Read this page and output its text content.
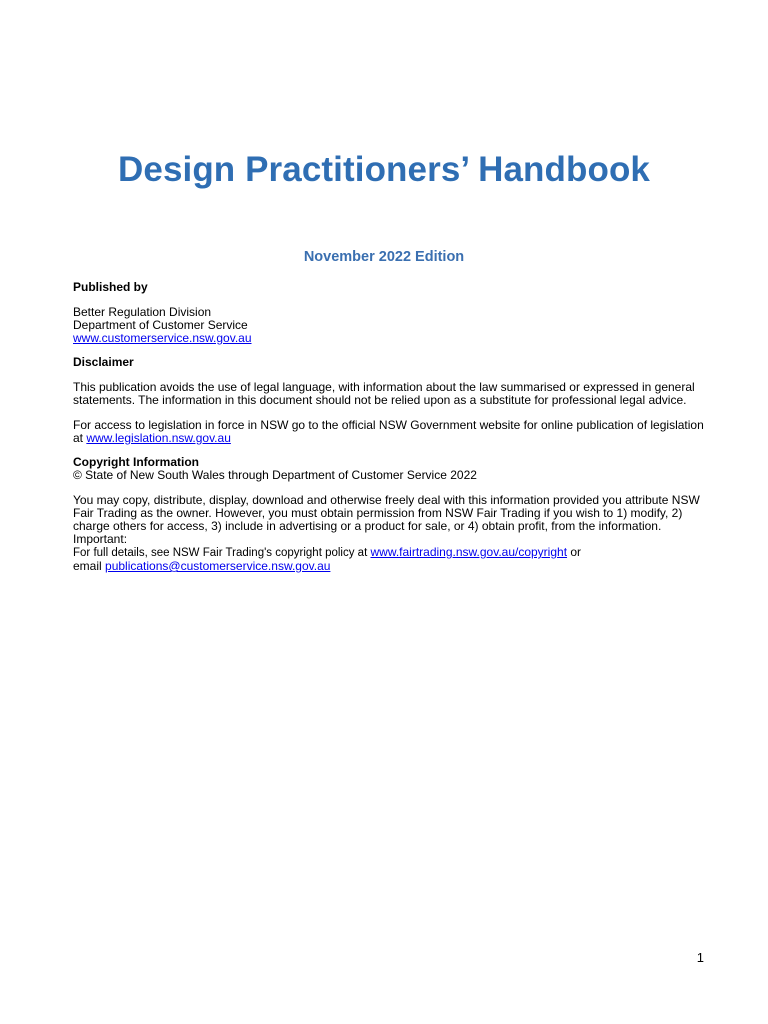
Design Practitioners’ Handbook
November 2022 Edition

Published by

Better Regulation Division

Department of Customer Service

www.customerservice.nsw.gov.au

Disclaimer

This publication avoids the use of legal language, with information about the law summarised or expressed in general

statements. The information in this document should not be relied upon as a substitute for professional legal advice.

For access to legislation in force in NSW go to the official NSW Government website for online publication of legislation

at www.legislation.nsw.gov.au

Copyright Information

© State of New South Wales through Department of Customer Service 2022

You may copy, distribute, display, download and otherwise freely deal with this information provided you attribute NSW

Fair Trading as the owner. However, you must obtain permission from NSW Fair Trading if you wish to 1) modify, 2)

charge others for access, 3) include in advertising or a product for sale, or 4) obtain profit, from the information. Important:

For full details, see NSW Fair Trading's copyright policy at www.fairtrading.nsw.gov.au/copyright or

email publications@customerservice.nsw.gov.au

1
